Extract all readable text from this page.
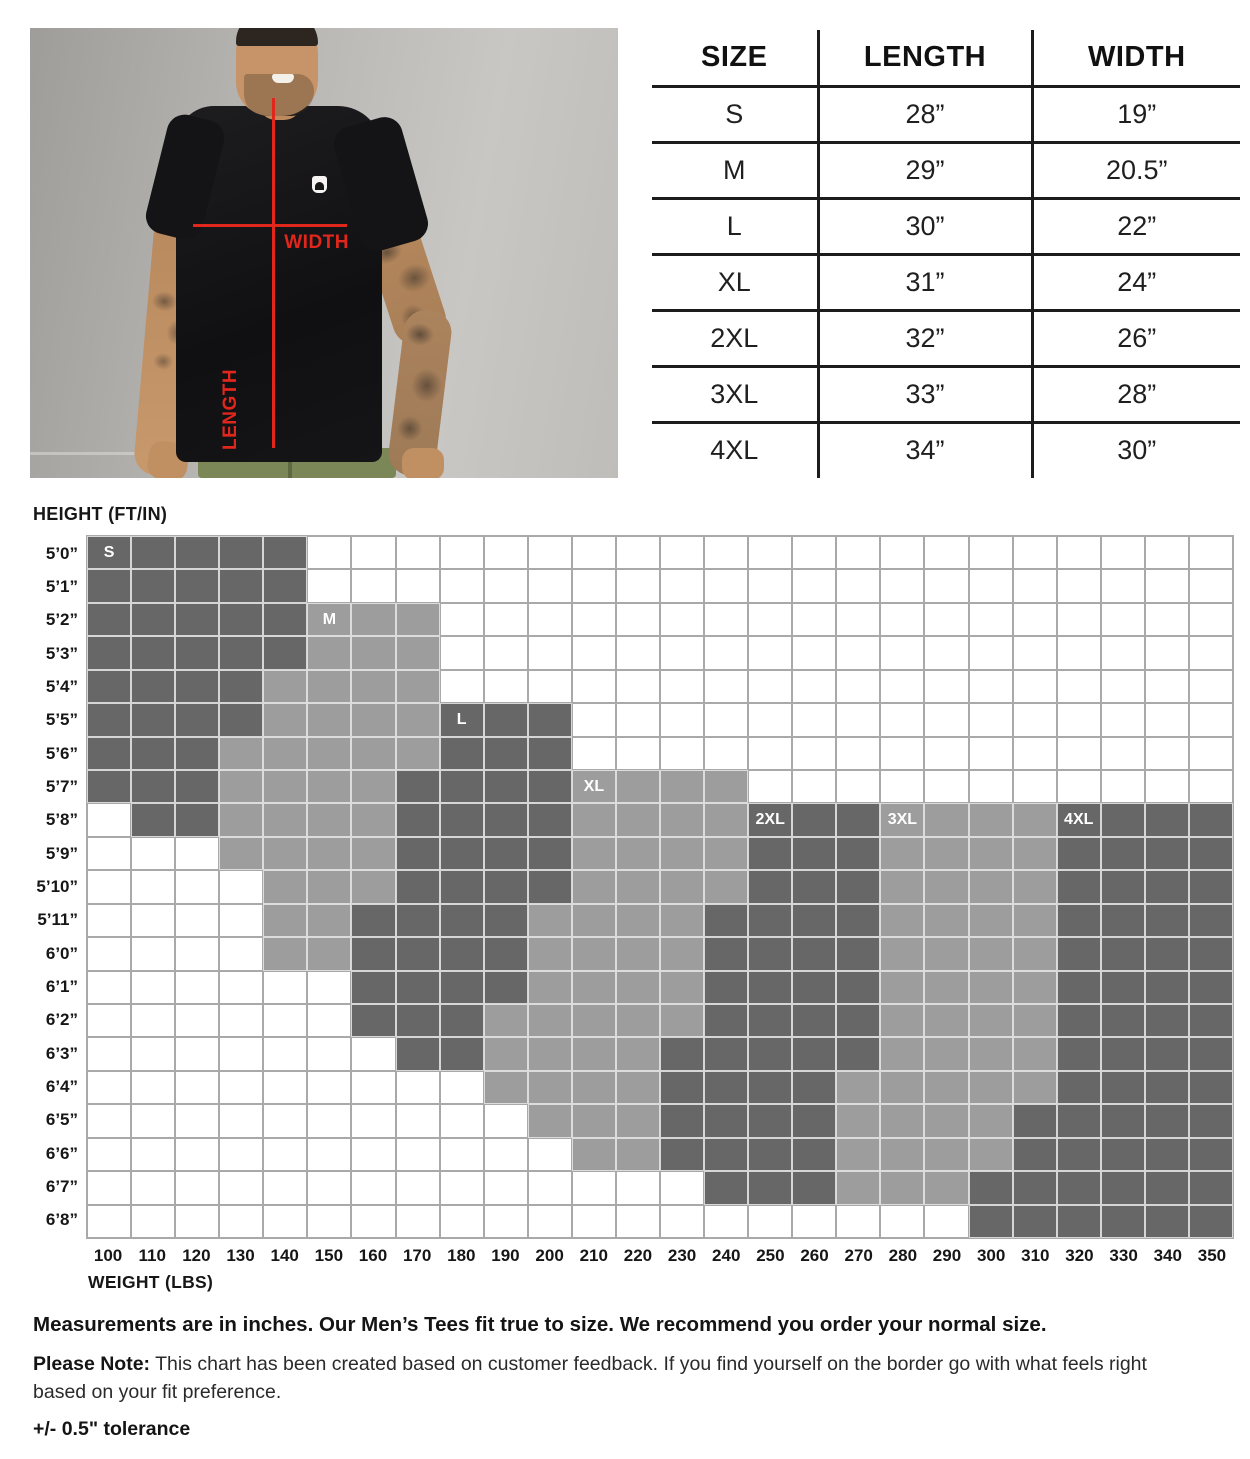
WIDTH
LENGTH
SIZE	LENGTH	WIDTH
S	28”	19”
M	29”	20.5”
L	30”	22”
XL	31”	24”
2XL	32”	26”
3XL	33”	28”
4XL	34”	30”
HEIGHT (FT/IN)
5’0”
5’1”
5’2”
5’3”
5’4”
5’5”
5’6”
5’7”
5’8”
5’9”
5’10”
5’11”
6’0”
6’1”
6’2”
6’3”
6’4”
6’5”
6’6”
6’7”
6’8”
S
M
L
XL
2XL	3XL	4XL
100 110 120 130 140 150 160 170 180 190 200 210 220 230 240 250 260 270 280 290 300 310 320 330 340 350
WEIGHT (LBS)
Measurements are in inches. Our Men’s Tees fit true to size. We recommend you order your normal size.
Please Note: This chart has been created based on customer feedback. If you find yourself on the border go with what feels right based on your fit preference.
+/- 0.5" tolerance
